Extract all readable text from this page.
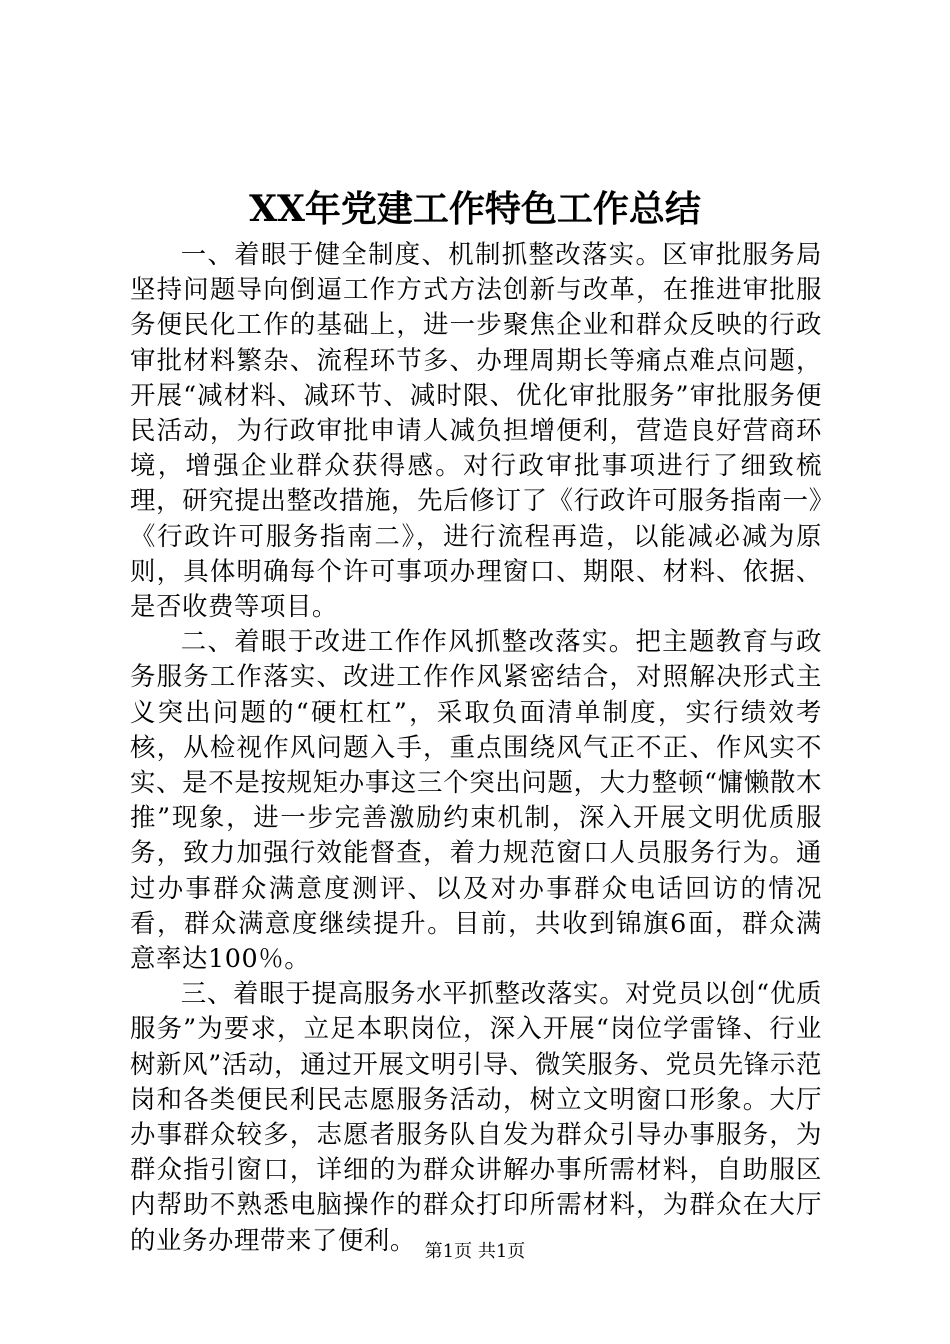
XX年党建工作特色工作总结

一、着眼于健全制度、机制抓整改落实。区审批服务局坚持问题导向倒逼工作方式方法创新与改革，在推进审批服务便民化工作的基础上，进一步聚焦企业和群众反映的行政审批材料繁杂、流程环节多、办理周期长等痛点难点问题，开展“减材料、减环节、减时限、优化审批服务”审批服务便民活动，为行政审批申请人减负担增便利，营造良好营商环境，增强企业群众获得感。对行政审批事项进行了细致梳理，研究提出整改措施，先后修订了《行政许可服务指南一》《行政许可服务指南二》，进行流程再造，以能减必减为原则，具体明确每个许可事项办理窗口、期限、材料、依据、是否收费等项目。

二、着眼于改进工作作风抓整改落实。把主题教育与政务服务工作落实、改进工作作风紧密结合，对照解决形式主义突出问题的“硬杠杠”，采取负面清单制度，实行绩效考核，从检视作风问题入手，重点围绕风气正不正、作风实不实、是不是按规矩办事这三个突出问题，大力整顿“慵懒散木推”现象，进一步完善激励约束机制，深入开展文明优质服务，致力加强行效能督查，着力规范窗口人员服务行为。通过办事群众满意度测评、以及对办事群众电话回访的情况看，群众满意度继续提升。目前，共收到锦旗6面，群众满意率达100％。

三、着眼于提高服务水平抓整改落实。对党员以创“优质服务”为要求，立足本职岗位，深入开展“岗位学雷锋、行业树新风”活动，通过开展文明引导、微笑服务、党员先锋示范岗和各类便民利民志愿服务活动，树立文明窗口形象。大厅办事群众较多，志愿者服务队自发为群众引导办事服务，为群众指引窗口，详细的为群众讲解办事所需材料，自助服区内帮助不熟悉电脑操作的群众打印所需材料，为群众在大厅的业务办理带来了便利。 第1页 共1页
